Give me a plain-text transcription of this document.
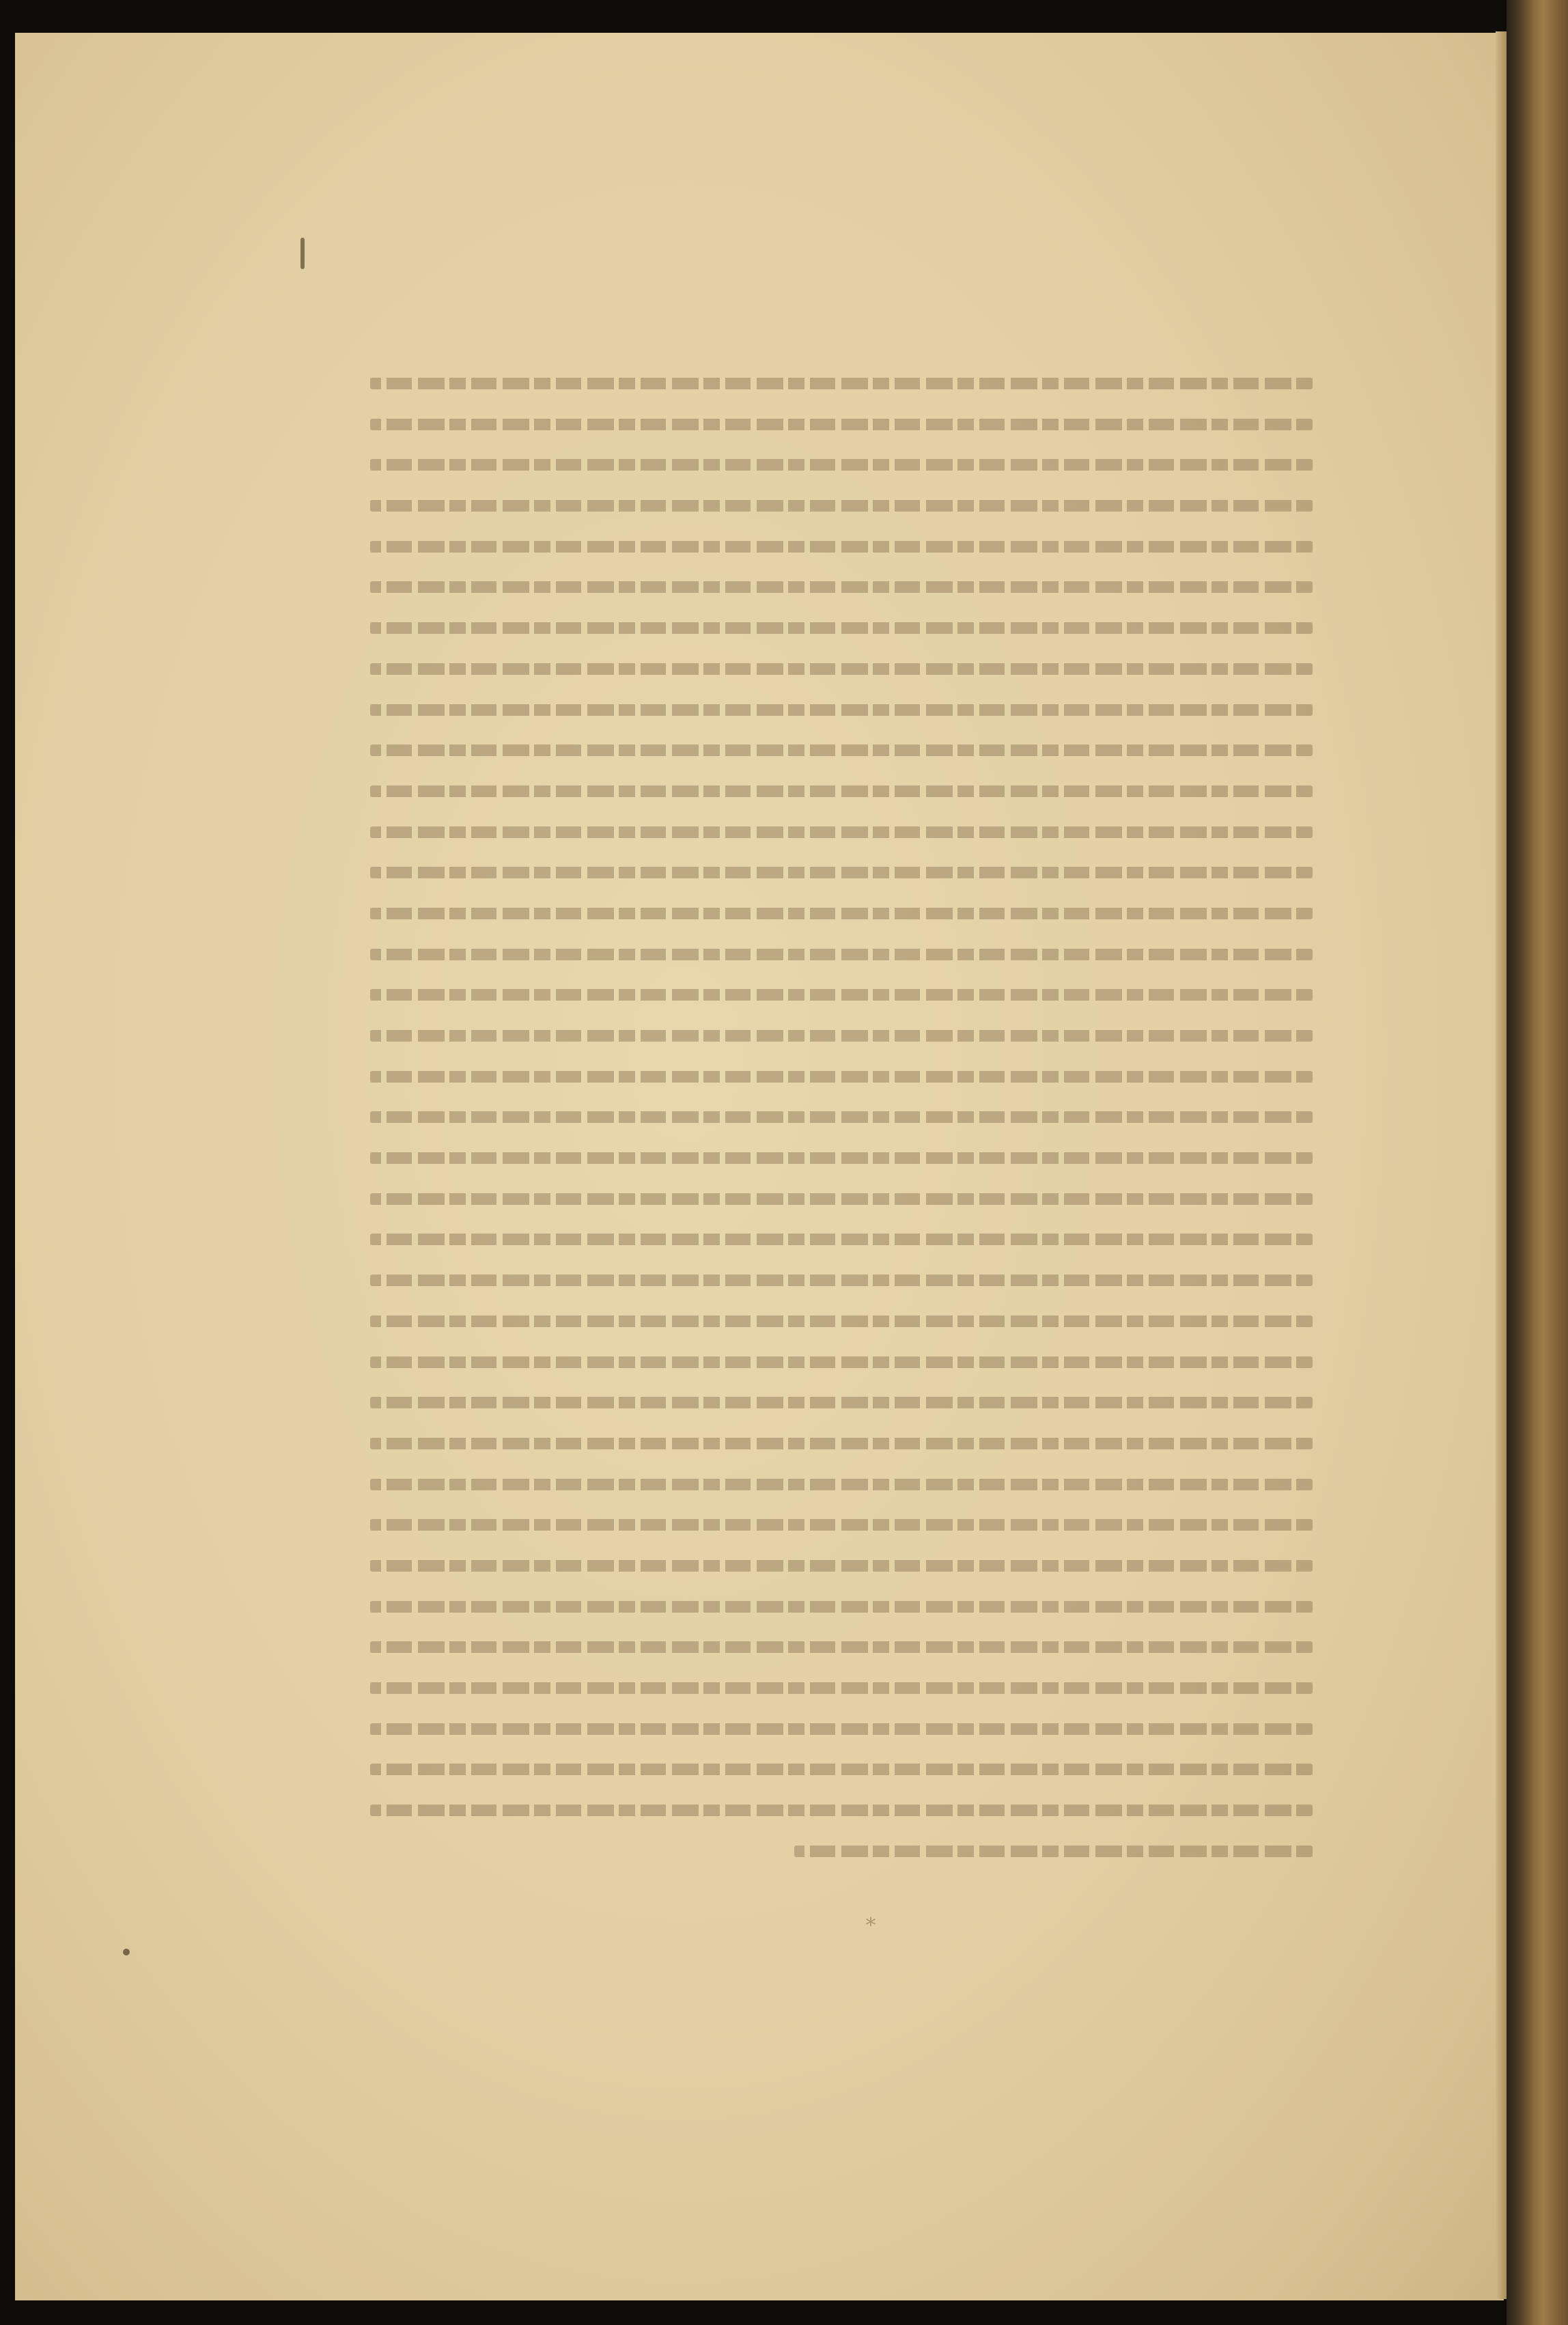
*
